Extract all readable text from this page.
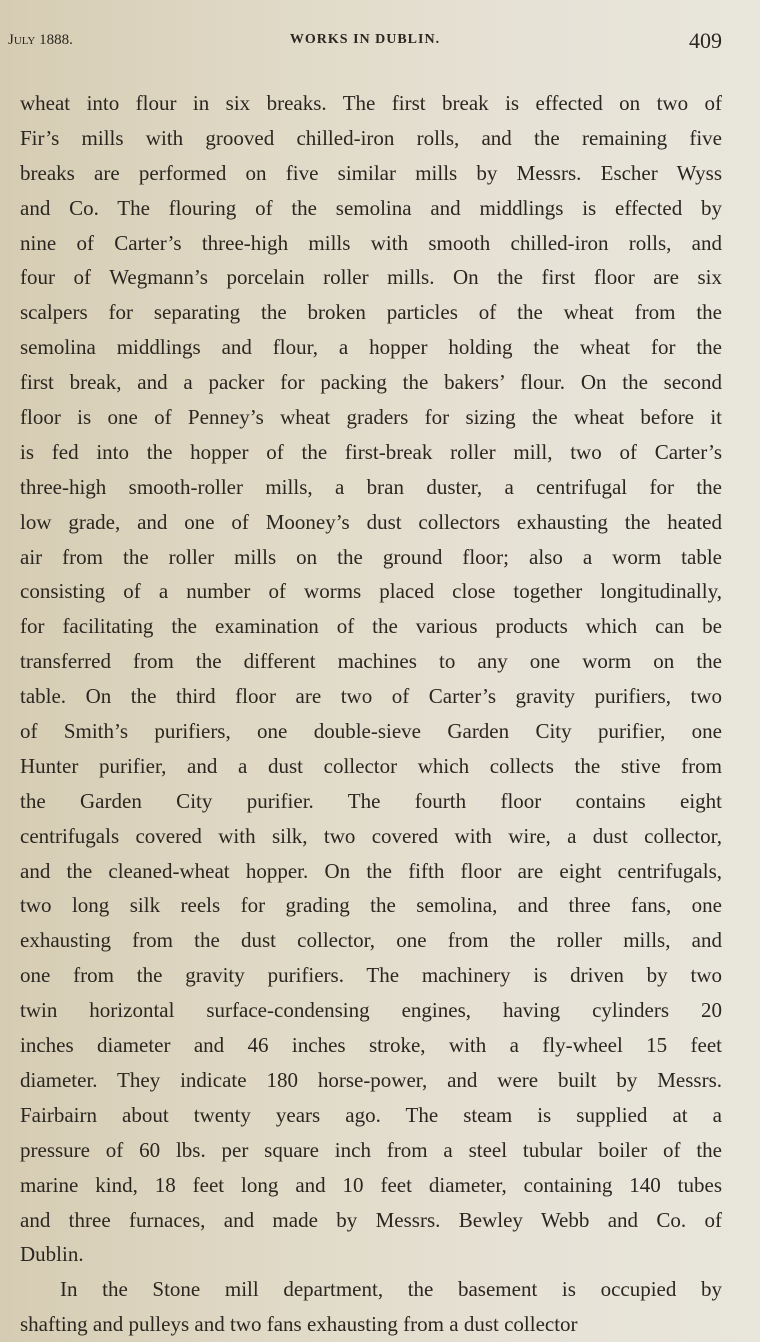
July 1888.	WORKS IN DUBLIN.	409
wheat into flour in six breaks. The first break is effected on two of
Fir’s mills with grooved chilled-iron rolls, and the remaining five
breaks are performed on five similar mills by Messrs. Escher Wyss
and Co. The flouring of the semolina and middlings is effected by
nine of Carter’s three-high mills with smooth chilled-iron rolls, and
four of Wegmann’s porcelain roller mills. On the first floor are six
scalpers for separating the broken particles of the wheat from the
semolina middlings and flour, a hopper holding the wheat for the
first break, and a packer for packing the bakers’ flour. On the second
floor is one of Penney’s wheat graders for sizing the wheat before it
is fed into the hopper of the first-break roller mill, two of Carter’s
three-high smooth-roller mills, a bran duster, a centrifugal for the
low grade, and one of Mooney’s dust collectors exhausting the heated
air from the roller mills on the ground floor; also a worm table
consisting of a number of worms placed close together longitudinally,
for facilitating the examination of the various products which can be
transferred from the different machines to any one worm on the
table. On the third floor are two of Carter’s gravity purifiers, two
of Smith’s purifiers, one double-sieve Garden City purifier, one
Hunter purifier, and a dust collector which collects the stive from
the Garden City purifier. The fourth floor contains eight
centrifugals covered with silk, two covered with wire, a dust collector,
and the cleaned-wheat hopper. On the fifth floor are eight centrifugals,
two long silk reels for grading the semolina, and three fans, one
exhausting from the dust collector, one from the roller mills, and
one from the gravity purifiers. The machinery is driven by two
twin horizontal surface-condensing engines, having cylinders 20
inches diameter and 46 inches stroke, with a fly-wheel 15 feet
diameter. They indicate 180 horse-power, and were built by Messrs.
Fairbairn about twenty years ago. The steam is supplied at a
pressure of 60 lbs. per square inch from a steel tubular boiler of the
marine kind, 18 feet long and 10 feet diameter, containing 140 tubes
and three furnaces, and made by Messrs. Bewley Webb and Co. of
Dublin.
In the Stone mill department, the basement is occupied by
shafting and pulleys and two fans exhausting from a dust collector
